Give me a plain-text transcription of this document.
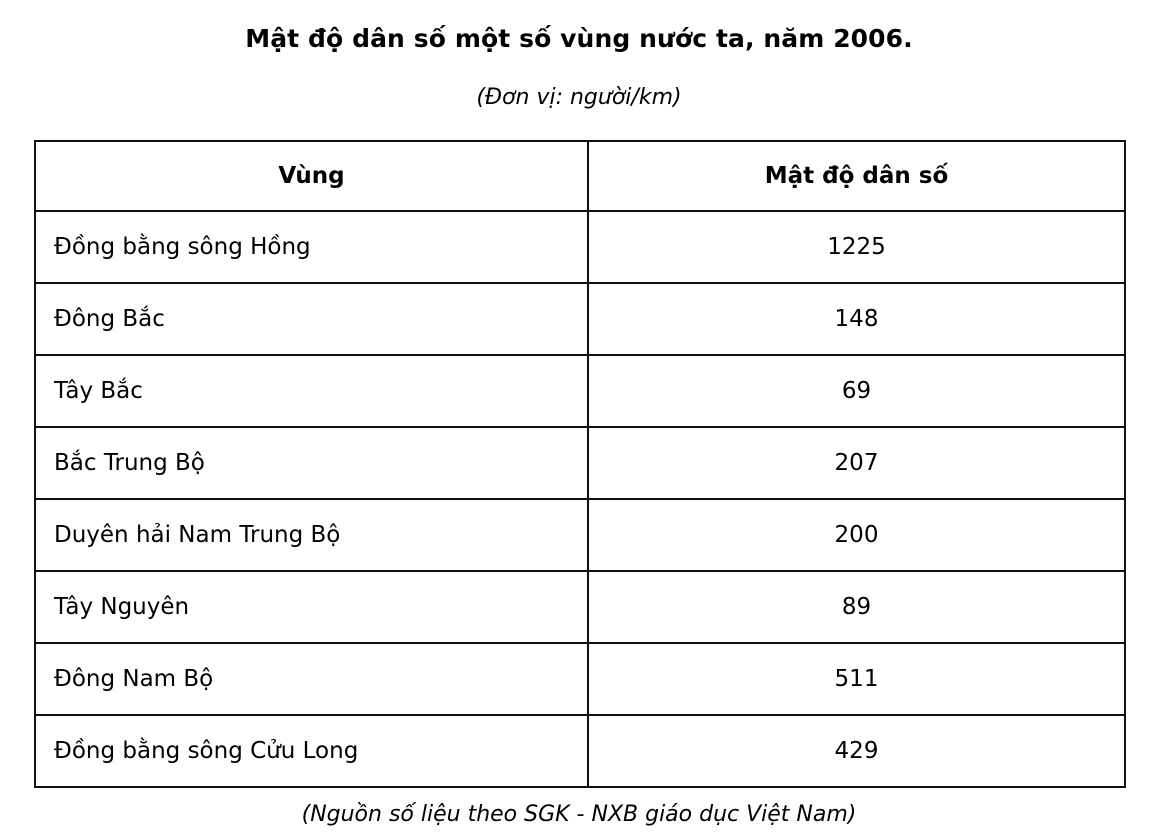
Mật độ dân số một số vùng nước ta, năm 2006.

(Đơn vị: người/km)

Vùng	Mật độ dân số
Đồng bằng sông Hồng	1225
Đông Bắc	148
Tây Bắc	69
Bắc Trung Bộ	207
Duyên hải Nam Trung Bộ	200
Tây Nguyên	89
Đông Nam Bộ	511
Đồng bằng sông Cửu Long	429

(Nguồn số liệu theo SGK - NXB giáo dục Việt Nam)
